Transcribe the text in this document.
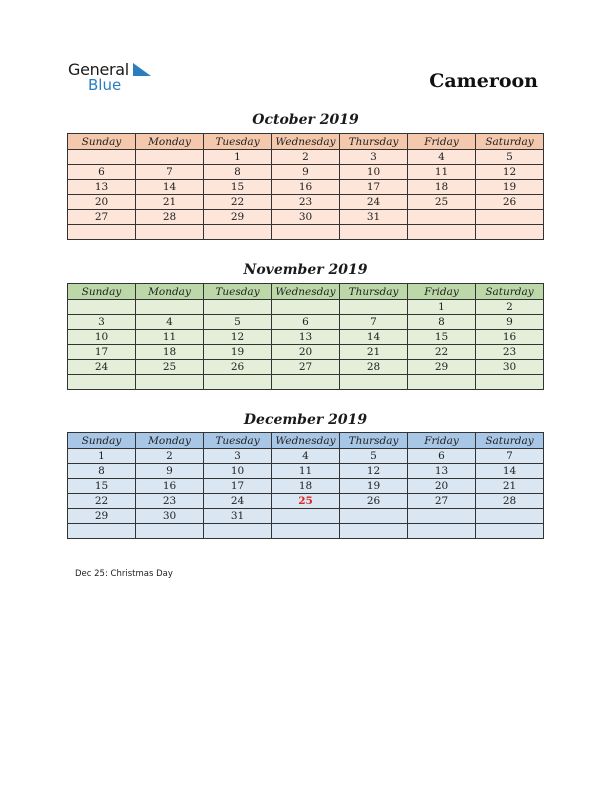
General
Blue	Cameroon
October 2019
Sunday	Monday	Tuesday	Wednesday	Thursday	Friday	Saturday
		1	2	3	4	5
6	7	8	9	10	11	12
13	14	15	16	17	18	19
20	21	22	23	24	25	26
27	28	29	30	31		

November 2019
Sunday	Monday	Tuesday	Wednesday	Thursday	Friday	Saturday
					1	2
3	4	5	6	7	8	9
10	11	12	13	14	15	16
17	18	19	20	21	22	23
24	25	26	27	28	29	30

December 2019
Sunday	Monday	Tuesday	Wednesday	Thursday	Friday	Saturday
1	2	3	4	5	6	7
8	9	10	11	12	13	14
15	16	17	18	19	20	21
22	23	24	25	26	27	28
29	30	31				

Dec 25: Christmas Day
